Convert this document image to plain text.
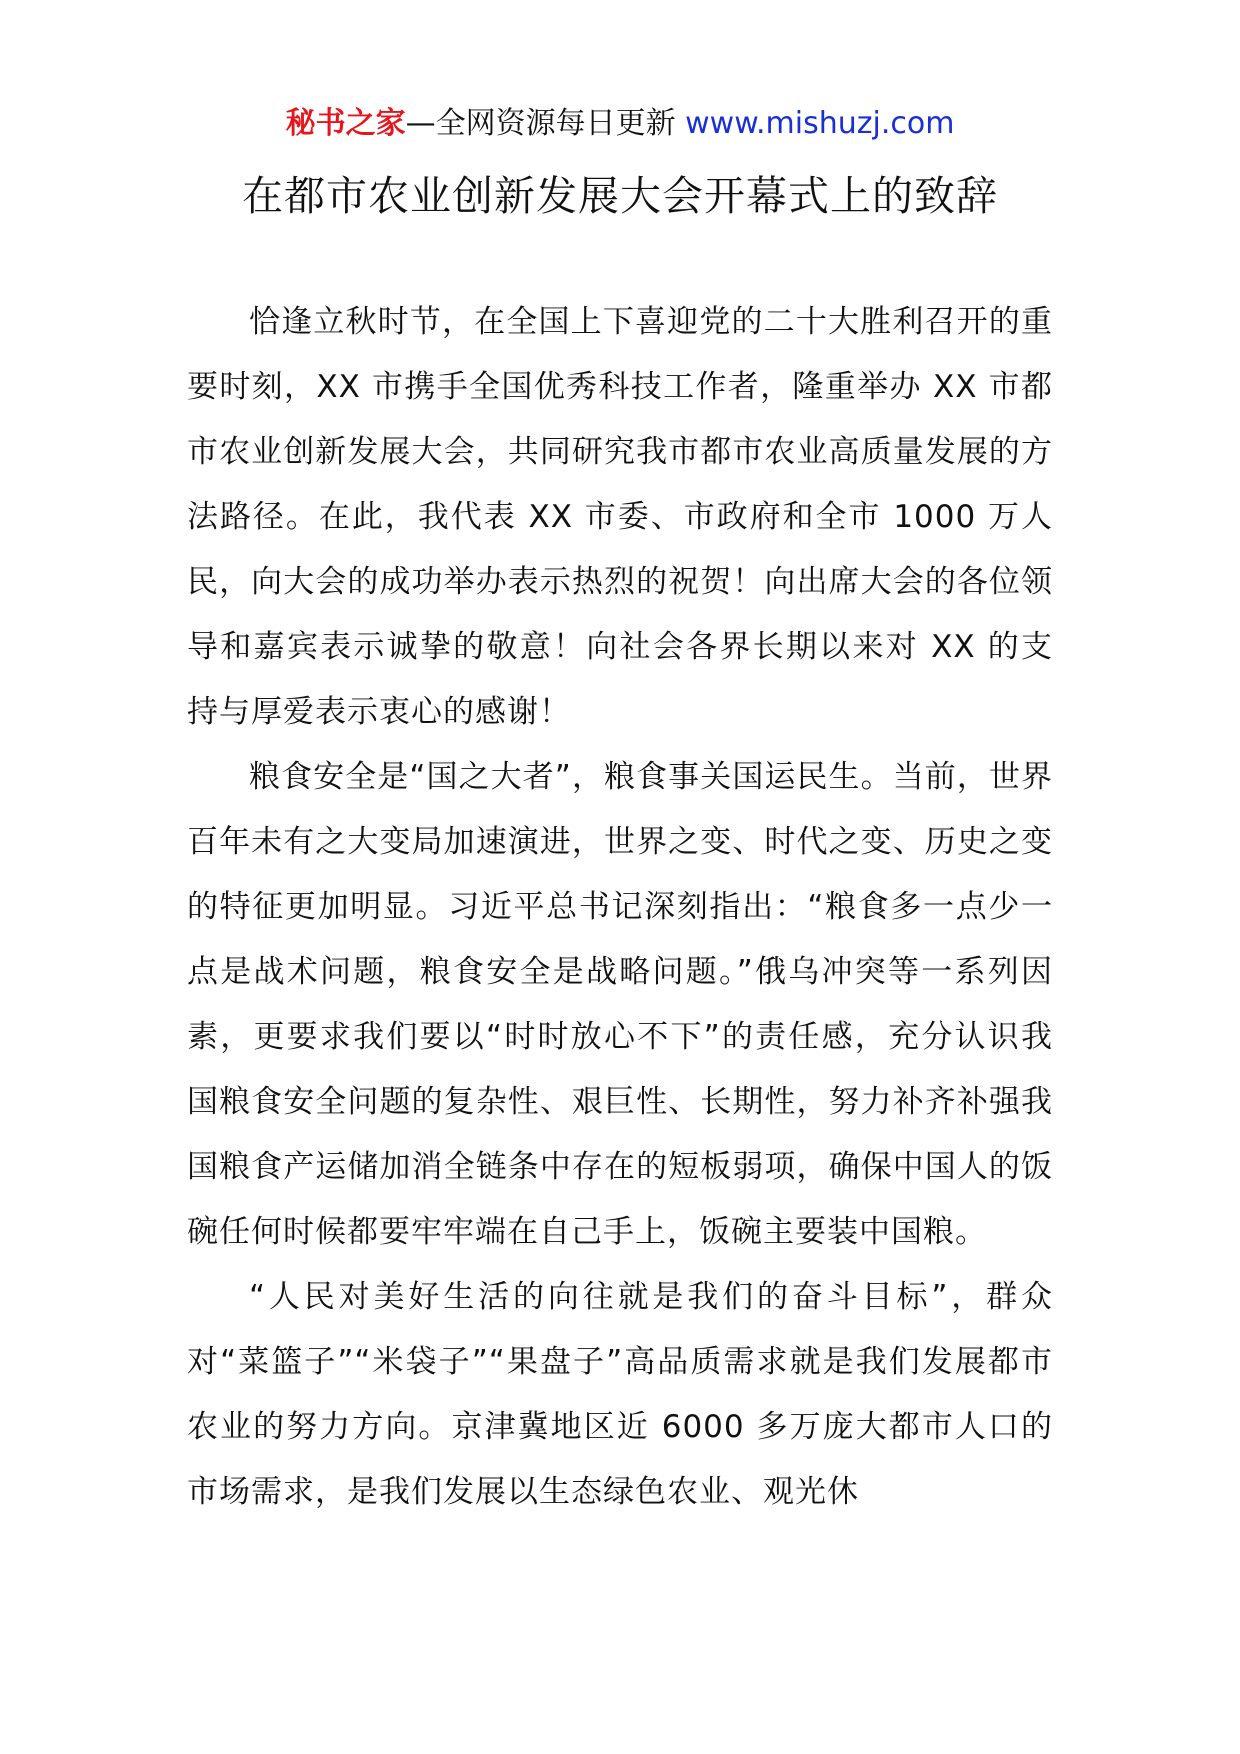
秘书之家—全网资源每日更新 www.mishuzj.com
在都市农业创新发展大会开幕式上的致辞

恰逢立秋时节，在全国上下喜迎党的二十大胜利召开的重要时刻，XX 市携手全国优秀科技工作者，隆重举办 XX 市都市农业创新发展大会，共同研究我市都市农业高质量发展的方法路径。在此，我代表 XX 市委、市政府和全市 1000 万人民，向大会的成功举办表示热烈的祝贺！向出席大会的各位领导和嘉宾表示诚挚的敬意！向社会各界长期以来对 XX 的支持与厚爱表示衷心的感谢！

粮食安全是“国之大者”，粮食事关国运民生。当前，世界百年未有之大变局加速演进，世界之变、时代之变、历史之变的特征更加明显。习近平总书记深刻指出：“粮食多一点少一点是战术问题，粮食安全是战略问题。”俄乌冲突等一系列因素，更要求我们要以“时时放心不下”的责任感，充分认识我国粮食安全问题的复杂性、艰巨性、长期性，努力补齐补强我国粮食产运储加消全链条中存在的短板弱项，确保中国人的饭碗任何时候都要牢牢端在自己手上，饭碗主要装中国粮。

“人民对美好生活的向往就是我们的奋斗目标”，群众对“菜篮子”“米袋子”“果盘子”高品质需求就是我们发展都市农业的努力方向。京津冀地区近 6000 多万庞大都市人口的市场需求，是我们发展以生态绿色农业、观光休
